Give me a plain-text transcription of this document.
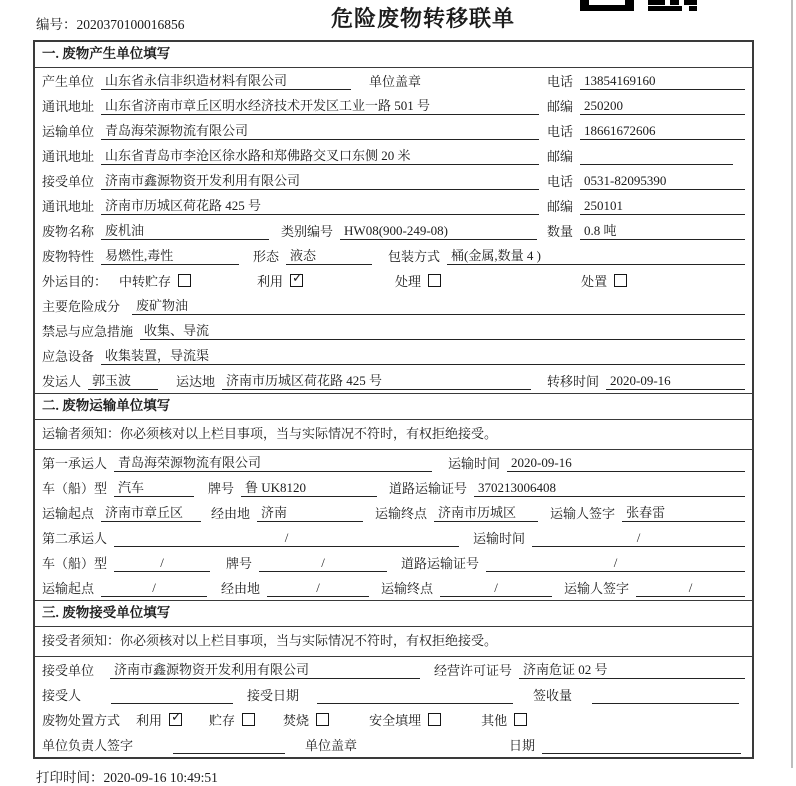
编号：2020370100016856	危险废物转移联单
一. 废物产生单位填写
产生单位 山东省永信非织造材料有限公司	单位盖章	电话 13854169160
通讯地址 山东省济南市章丘区明水经济技术开发区工业一路 501 号	邮编 250200
运输单位 青岛海荣源物流有限公司	电话 18661672606
通讯地址 山东省青岛市李沧区徐水路和郑佛路交叉口东侧 20 米	邮编
接受单位 济南市鑫源物资开发利用有限公司	电话 0531-82095390
通讯地址 济南市历城区荷花路 425 号	邮编 250101
废物名称 废机油	类别编号 HW08(900-249-08)	数量 0.8 吨
废物特性 易燃性,毒性	形态 液态	包装方式 桶(金属,数量 4 )
外运目的： 中转贮存	利用 ✓	处理	处置
主要危险成分	废矿物油
禁忌与应急措施 收集、导流
应急设备 收集装置，导流渠
发运人 郭玉波	运达地 济南市历城区荷花路 425 号	转移时间 2020-09-16
二. 废物运输单位填写
运输者须知：你必须核对以上栏目事项，当与实际情况不符时，有权拒绝接受。
第一承运人 青岛海荣源物流有限公司	运输时间 2020-09-16
车（船）型 汽车	牌号 鲁 UK8120	道路运输证号 370213006408
运输起点 济南市章丘区	经由地 济南	运输终点 济南市历城区	运输人签字 张春雷
第二承运人	/	运输时间	/
车（船）型	/	牌号	/	道路运输证号	/
运输起点	/	经由地	/	运输终点	/	运输人签字	/
三. 废物接受单位填写
接受者须知：你必须核对以上栏目事项，当与实际情况不符时，有权拒绝接受。
接受单位	济南市鑫源物资开发利用有限公司	经营许可证号 济南危证 02 号
接受人	接受日期	签收量
废物处置方式 利用 ✓	贮存	焚烧	安全填埋	其他
单位负责人签字	单位盖章	日期
打印时间：2020-09-16 10:49:51
